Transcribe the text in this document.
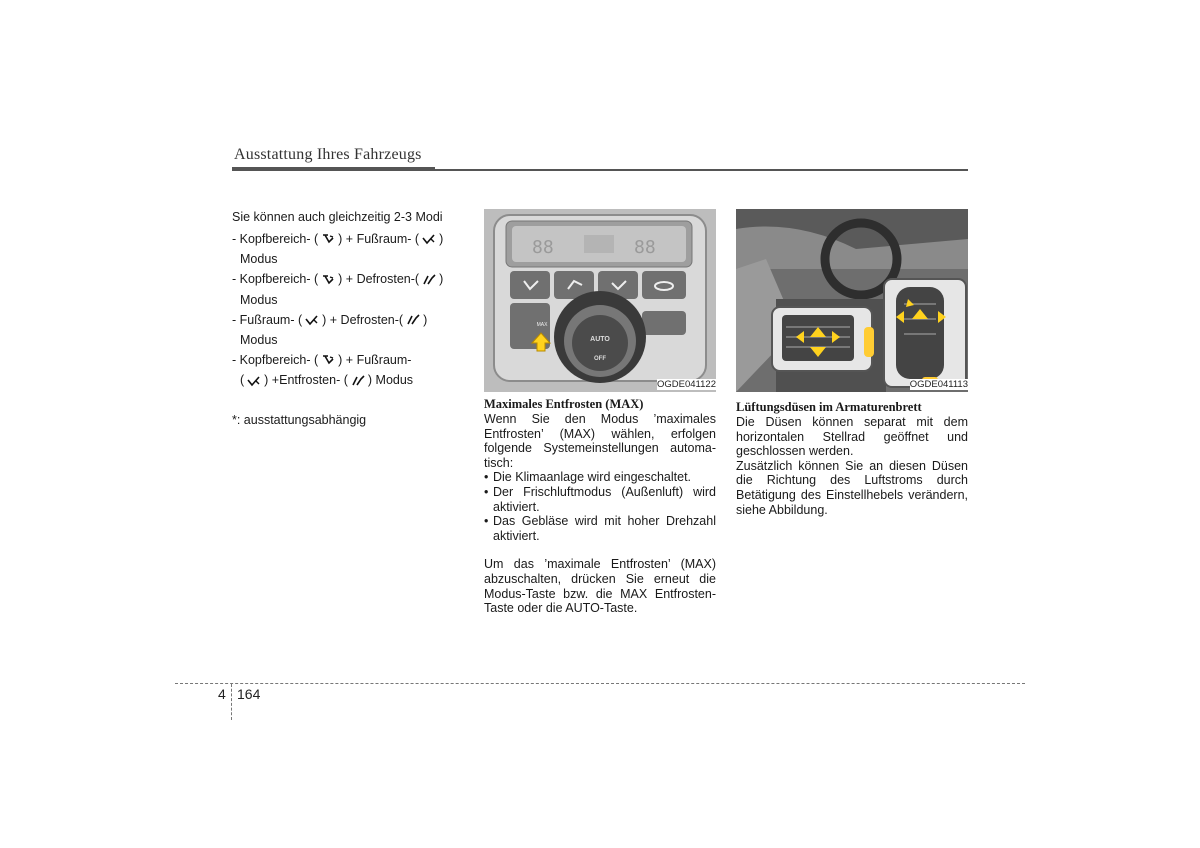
Ausstattung Ihres Fahrzeugs
Sie können auch gleichzeitig 2-3 Modi
- Kopfbereich- ( ) + Fußraum- ( )
Modus
- Kopfbereich- ( ) + Defrosten-( )
Modus
- Fußraum- ( ) + Defrosten-( )
Modus
- Kopfbereich- ( ) + Fußraum-
( ) +Entfrosten- ( ) Modus
*: ausstattungsabhängig
88	88
AUTO
OFF
MAX
OGDE041122

Maximales Entfrosten (MAX)

Wenn Sie den Modus ’maximales Entfrosten’ (MAX) wählen, erfolgen folgende Systemeinstellungen automa-tisch:

• Die Klimaanlage wird eingeschaltet.

• Der Frischluftmodus (Außenluft) wird aktiviert.

• Das Gebläse wird mit hoher Drehzahl aktiviert.

Um das ’maximale Entfrosten’ (MAX) abzuschalten, drücken Sie erneut die Modus-Taste bzw. die MAX Entfrosten-Taste oder die AUTO-Taste.

OGDE041113

Lüftungsdüsen im Armaturenbrett

Die Düsen können separat mit dem horizontalen Stellrad geöffnet und geschlossen werden.

Zusätzlich können Sie an diesen Düsen die Richtung des Luftstroms durch Betätigung des Einstellhebels verändern, siehe Abbildung.

4 164
